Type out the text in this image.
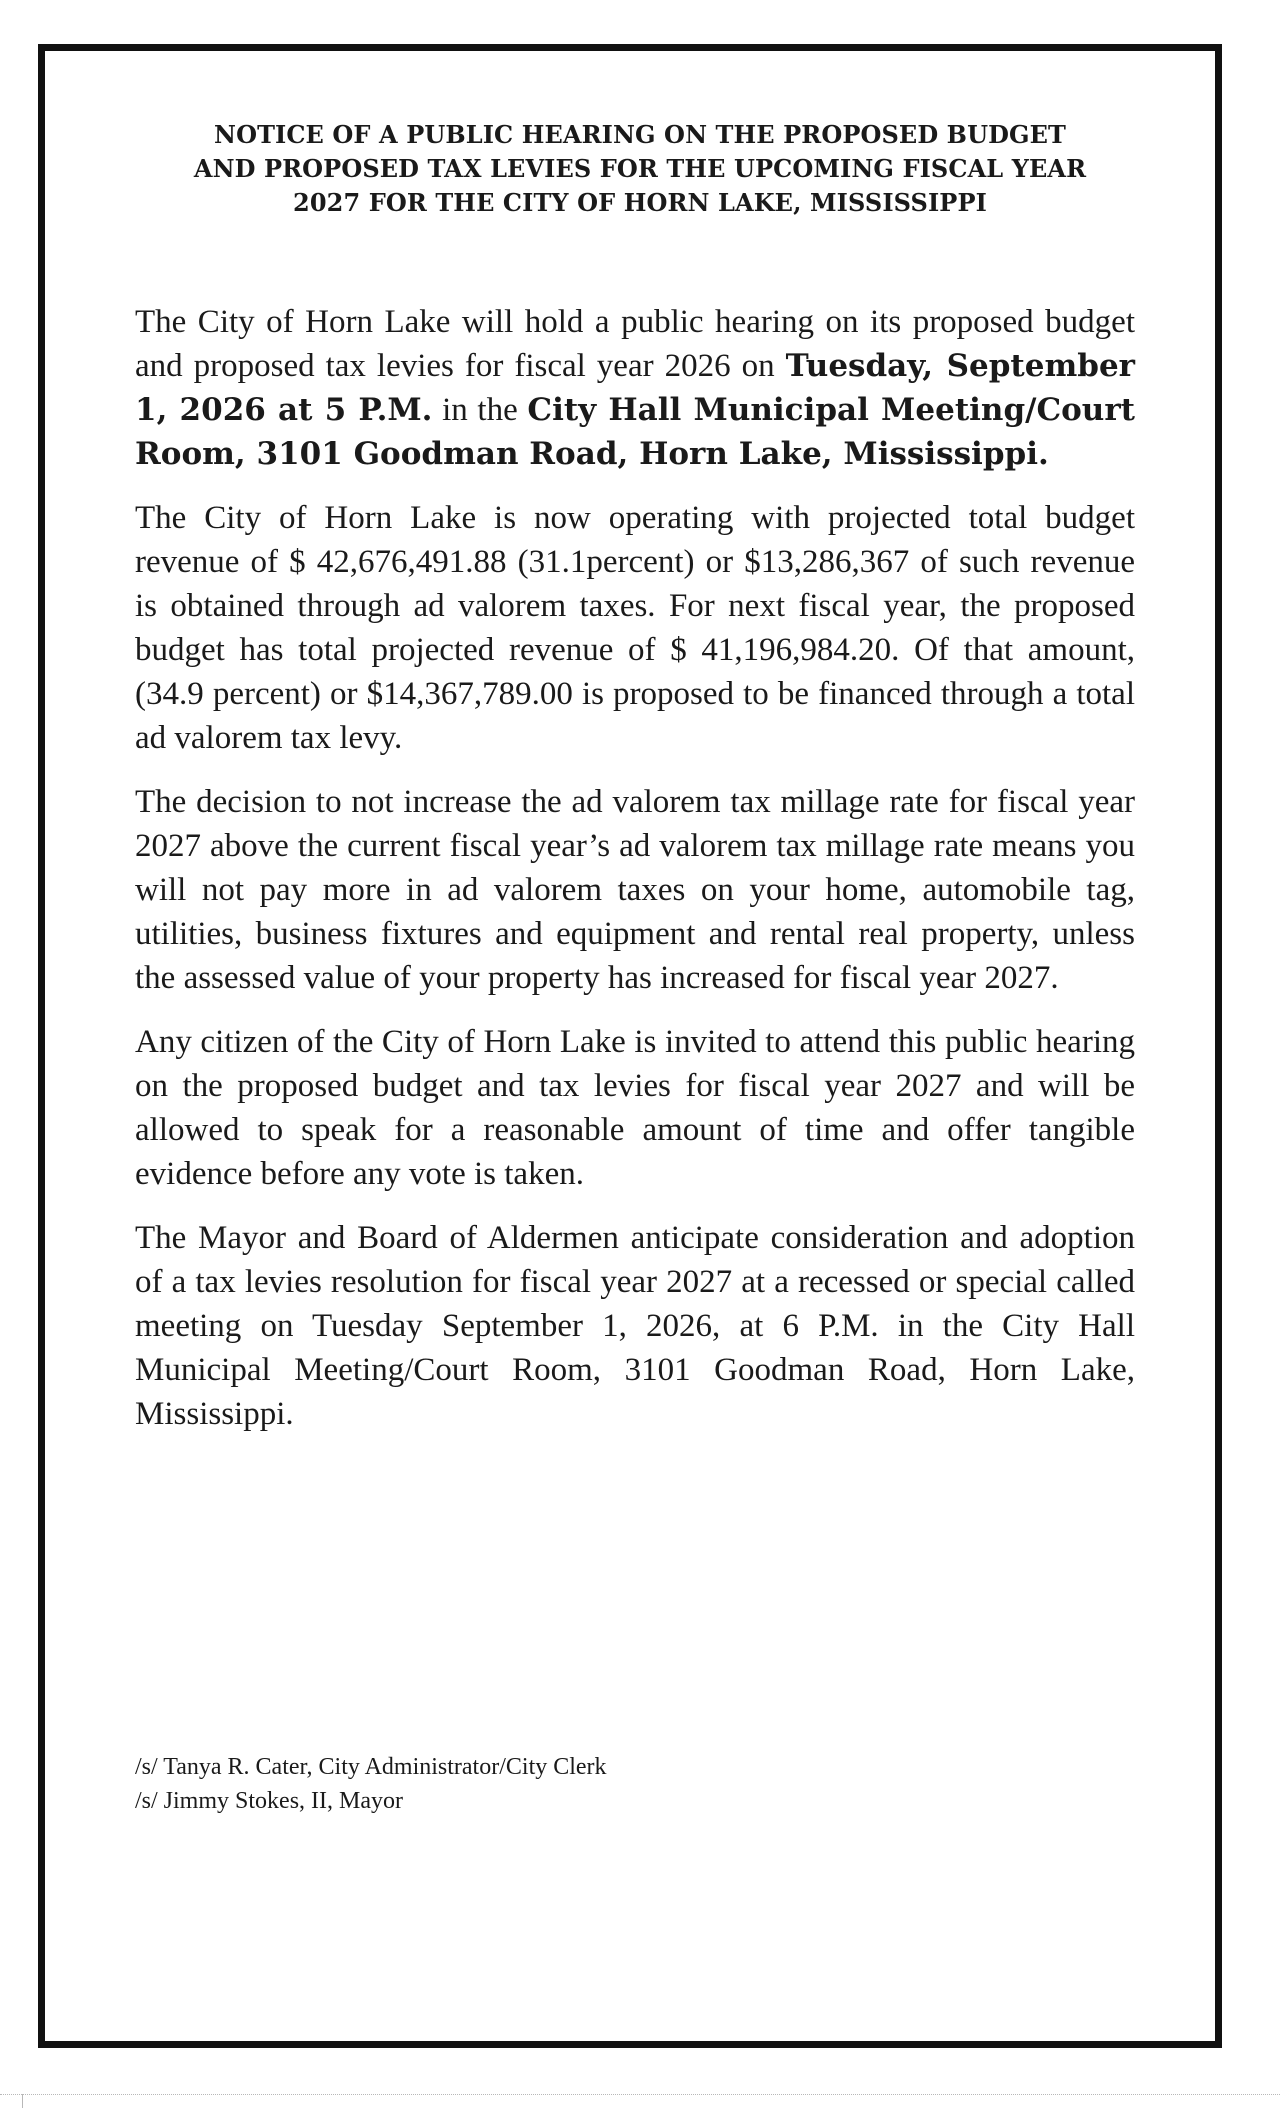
NOTICE OF A PUBLIC HEARING ON THE PROPOSED BUDGET
AND PROPOSED TAX LEVIES FOR THE UPCOMING FISCAL YEAR
2027 FOR THE CITY OF HORN LAKE, MISSISSIPPI

The City of Horn Lake will hold a public hearing on its proposed budget and proposed tax levies for fiscal year 2026 on Tuesday, September 1, 2026 at 5 P.M. in the City Hall Municipal Meeting/Court Room, 3101 Goodman Road, Horn Lake, Mississippi.

The City of Horn Lake is now operating with projected total budget revenue of $ 42,676,491.88 (31.1percent) or $13,286,367 of such revenue is obtained through ad valorem taxes. For next fiscal year, the proposed budget has total projected revenue of $ 41,196,984.20. Of that amount, (34.9 percent) or $14,367,789.00 is proposed to be financed through a total ad valorem tax levy.

The decision to not increase the ad valorem tax millage rate for fiscal year 2027 above the current fiscal year’s ad valorem tax millage rate means you will not pay more in ad valorem taxes on your home, automobile tag, utilities, business fixtures and equipment and rental real property, unless the assessed value of your property has increased for fiscal year 2027.

Any citizen of the City of Horn Lake is invited to attend this public hearing on the proposed budget and tax levies for fiscal year 2027 and will be allowed to speak for a reasonable amount of time and offer tangible evidence before any vote is taken.

The Mayor and Board of Aldermen anticipate consideration and adoption of a tax levies resolution for fiscal year 2027 at a recessed or special called meeting on Tuesday September 1, 2026, at 6 P.M. in the City Hall Municipal Meeting/Court Room, 3101 Goodman Road, Horn Lake, Mississippi.

/s/ Tanya R. Cater, City Administrator/City Clerk
/s/ Jimmy Stokes, II, Mayor
